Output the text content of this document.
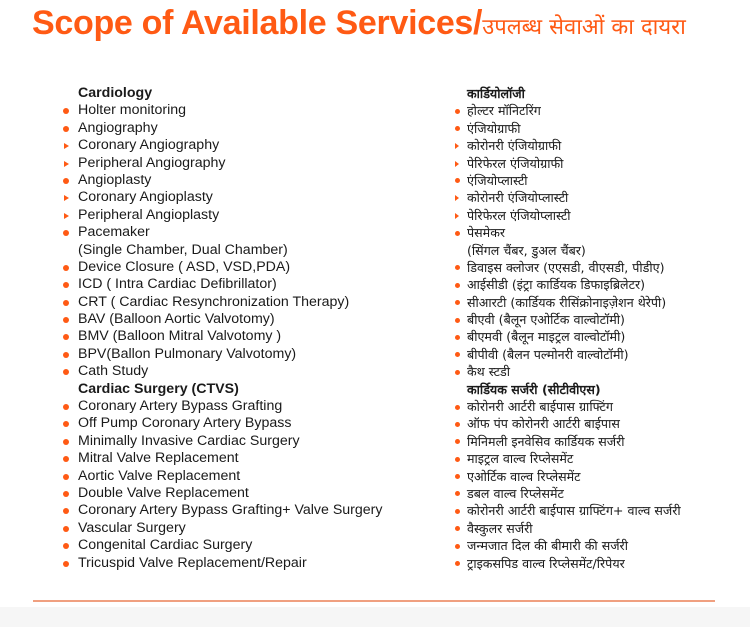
Scope of Available Services/उपलब्ध सेवाओं का दायरा
Cardiology
Holter monitoring
Angiography
Coronary Angiography
Peripheral Angiography
Angioplasty
Coronary Angioplasty
Peripheral Angioplasty
Pacemaker
(Single Chamber, Dual Chamber)
Device Closure ( ASD, VSD,PDA)
ICD ( Intra Cardiac Defibrillator)
CRT ( Cardiac Resynchronization Therapy)
BAV (Balloon Aortic Valvotomy)
BMV (Balloon Mitral Valvotomy )
BPV(Ballon Pulmonary Valvotomy)
Cath Study
Cardiac Surgery (CTVS)
Coronary Artery Bypass Grafting
Off Pump Coronary Artery Bypass
Minimally Invasive Cardiac Surgery
Mitral Valve Replacement
Aortic Valve Replacement
Double Valve Replacement
Coronary Artery Bypass Grafting+ Valve Surgery
Vascular Surgery
Congenital Cardiac Surgery
Tricuspid Valve Replacement/Repair
कार्डियोलॉजी
होल्टर मॉनिटरिंग
एंजियोग्राफी
कोरोनरी एंजियोग्राफी
पेरिफेरल एंजियोग्राफी
एंजियोप्लास्टी
कोरोनरी एंजियोप्लास्टी
पेरिफेरल एंजियोप्लास्टी
पेसमेकर
(सिंगल चैंबर, डुअल चैंबर)
डिवाइस क्लोजर (एएसडी, वीएसडी, पीडीए)
आईसीडी (इंट्रा कार्डियक डिफाइब्रिलेटर)
सीआरटी (कार्डियक रीसिंक्रोनाइज़ेशन थेरेपी)
बीएवी (बैलून एओर्टिक वाल्वोटॉमी)
बीएमवी (बैलून माइट्रल वाल्वोटॉमी)
बीपीवी (बैलन पल्मोनरी वाल्वोटॉमी)
कैथ स्टडी
कार्डियक सर्जरी (सीटीवीएस)
कोरोनरी आर्टरी बाईपास ग्राफ्टिंग
ऑफ पंप कोरोनरी आर्टरी बाईपास
मिनिमली इनवेसिव कार्डियक सर्जरी
माइट्रल वाल्व रिप्लेसमेंट
एओर्टिक वाल्व रिप्लेसमेंट
डबल वाल्व रिप्लेसमेंट
कोरोनरी आर्टरी बाईपास ग्राफ्टिंग+ वाल्व सर्जरी
वैस्कुलर सर्जरी
जन्मजात दिल की बीमारी की सर्जरी
ट्राइकसपिड वाल्व रिप्लेसमेंट/रिपेयर
